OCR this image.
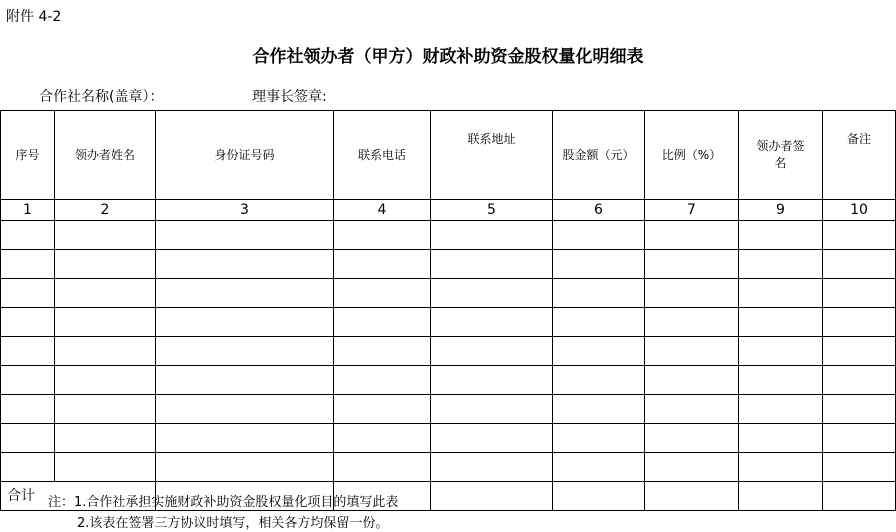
附件 4-2
合作社领办者（甲方）财政补助资金股权量化明细表
合作社名称(盖章）：	理事长签章:
序号	领办者姓名	身份证号码	联系电话	联系地址	股金额（元）	比例（%）	领办者签名	备注
1	2	3	4	5	6	7	9	10

合计								注：1.合作社承担实施财政补助资金股权量化项目的填写此表
2.该表在签署三方协议时填写，相关各方均保留一份。
